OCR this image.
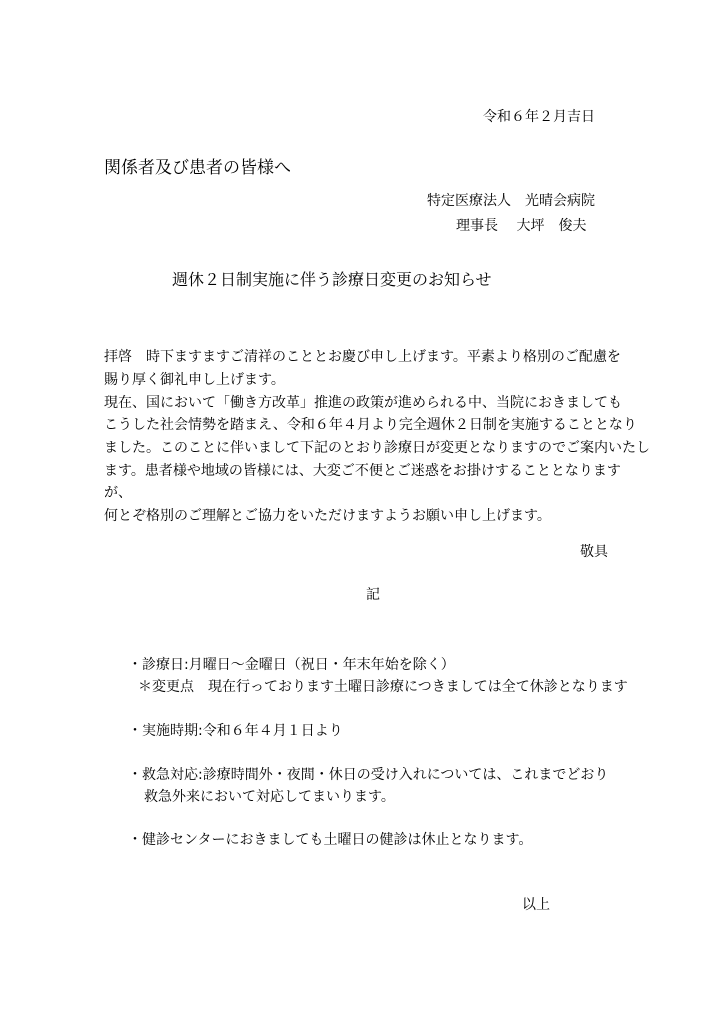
令和６年２月吉日
関係者及び患者の皆様へ
特定医療法人　光晴会病院
理事長　 大坪　俊夫
週休２日制実施に伴う診療日変更のお知らせ
拝啓　時下ますますご清祥のこととお慶び申し上げます。平素より格別のご配慮を
賜り厚く御礼申し上げます。
現在、国において「働き方改革」推進の政策が進められる中、当院におきましても
こうした社会情勢を踏まえ、令和６年４月より完全週休２日制を実施することとなり
ました。このことに伴いまして下記のとおり診療日が変更となりますのでご案内いたし
ます。患者様や地域の皆様には、大変ご不便とご迷惑をお掛けすることとなります
が、
何とぞ格別のご理解とご協力をいただけますようお願い申し上げます。
敬具
記
・診療日:月曜日～金曜日（祝日・年末年始を除く）
＊変更点　現在行っております土曜日診療につきましては全て休診となります
・実施時期:令和６年４月１日より
・救急対応:診療時間外・夜間・休日の受け入れについては、これまでどおり
救急外来において対応してまいります。
・健診センターにおきましても土曜日の健診は休止となります。
以上
